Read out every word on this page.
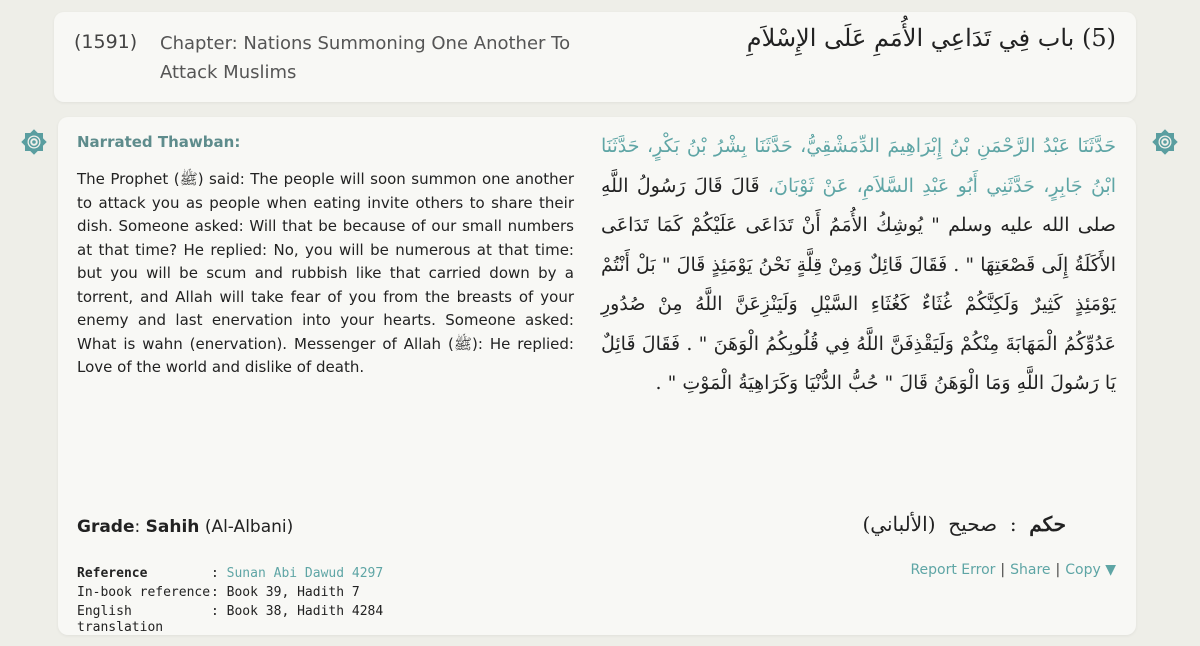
(1591) Chapter: Nations Summoning One Another To Attack Muslims
(5) باب فِي تَدَاعِي الأُمَمِ عَلَى الإِسْلاَمِ
Narrated Thawban:
The Prophet (ﷺ) said: The people will soon summon one another to attack you as people when eating invite others to share their dish. Someone asked: Will that be because of our small numbers at that time? He replied: No, you will be numerous at that time: but you will be scum and rubbish like that carried down by a torrent, and Allah will take fear of you from the breasts of your enemy and last enervation into your hearts. Someone asked: What is wahn (enervation). Messenger of Allah (ﷺ): He replied: Love of the world and dislike of death.
حَدَّثَنَا عَبْدُ الرَّحْمَنِ بْنُ إِبْرَاهِيمَ الدِّمَشْقِيُّ، حَدَّثَنَا بِشْرُ بْنُ بَكْرٍ، حَدَّثَنَا ابْنُ جَابِرٍ، حَدَّثَنِي أَبُو عَبْدِ السَّلاَمِ، عَنْ ثَوْبَانَ، قَالَ قَالَ رَسُولُ اللَّهِ صلى الله عليه وسلم " يُوشِكُ الأُمَمُ أَنْ تَدَاعَى عَلَيْكُمْ كَمَا تَدَاعَى الأَكَلَةُ إِلَى قَصْعَتِهَا " . فَقَالَ قَائِلٌ وَمِنْ قِلَّةٍ نَحْنُ يَوْمَئِذٍ قَالَ " بَلْ أَنْتُمْ يَوْمَئِذٍ كَثِيرٌ وَلَكِنَّكُمْ غُثَاءٌ كَغُثَاءِ السَّيْلِ وَلَيَنْزِعَنَّ اللَّهُ مِنْ صُدُورِ عَدُوِّكُمُ الْمَهَابَةَ مِنْكُمْ وَلَيَقْذِفَنَّ اللَّهُ فِي قُلُوبِكُمُ الْوَهَنَ " . فَقَالَ قَائِلٌ يَا رَسُولَ اللَّهِ وَمَا الْوَهَنُ قَالَ " حُبُّ الدُّنْيَا وَكَرَاهِيَةُ الْمَوْتِ " .
Grade: Sahih (Al-Albani)	حكم  :  صحيح  (الألباني)
Reference	: Sunan Abi Dawud 4297
In-book reference	: Book 39, Hadith 7
English translation	: Book 38, Hadith 4284
Report Error | Share | Copy ▼
